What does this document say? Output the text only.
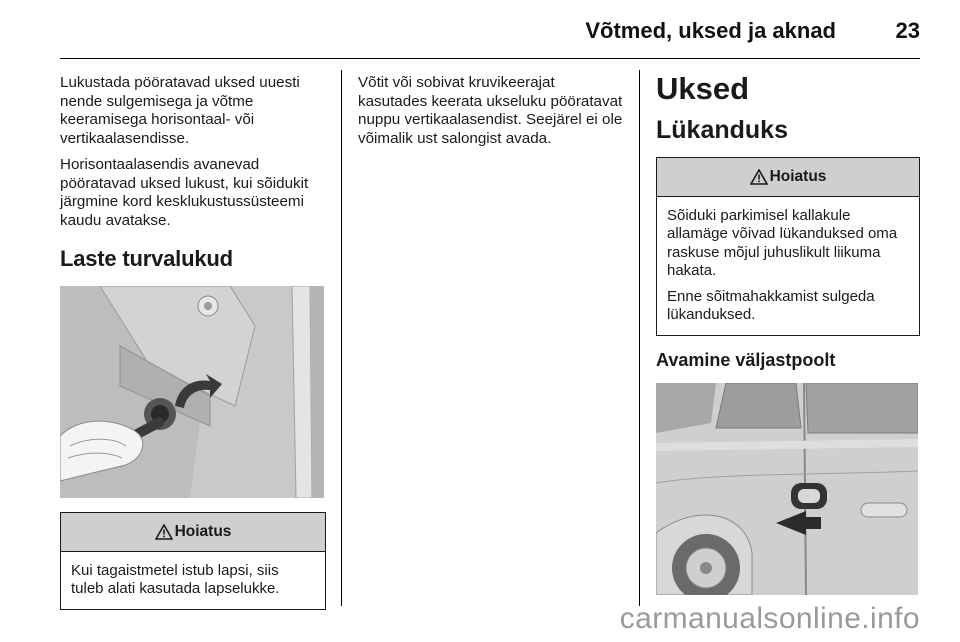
Võtmed, uksed ja aknad	23

Lukustada pööratavad uksed uuesti nende sulgemisega ja võtme keeramisega horisontaal- või vertikaalasendisse.

Horisontaalasendis avanevad pööratavad uksed lukust, kui sõidukit järgmine kord kesklukustussüsteemi kaudu avatakse.

Laste turvalukud
Hoiatus

Kui tagaistmetel istub lapsi, siis tuleb alati kasutada lapselukke.

Võtit või sobivat kruvikeerajat kasutades keerata ukseluku pööratavat nuppu vertikaalasendist. Seejärel ei ole võimalik ust salongist avada.

Uksed
Lükanduks
Hoiatus

Sõiduki parkimisel kallakule allamäge võivad lükanduksed oma raskuse mõjul juhuslikult liikuma hakata.

Enne sõitmahakkamist sulgeda lükanduksed.

Avamine väljastpoolt
carmanualsonline.info
